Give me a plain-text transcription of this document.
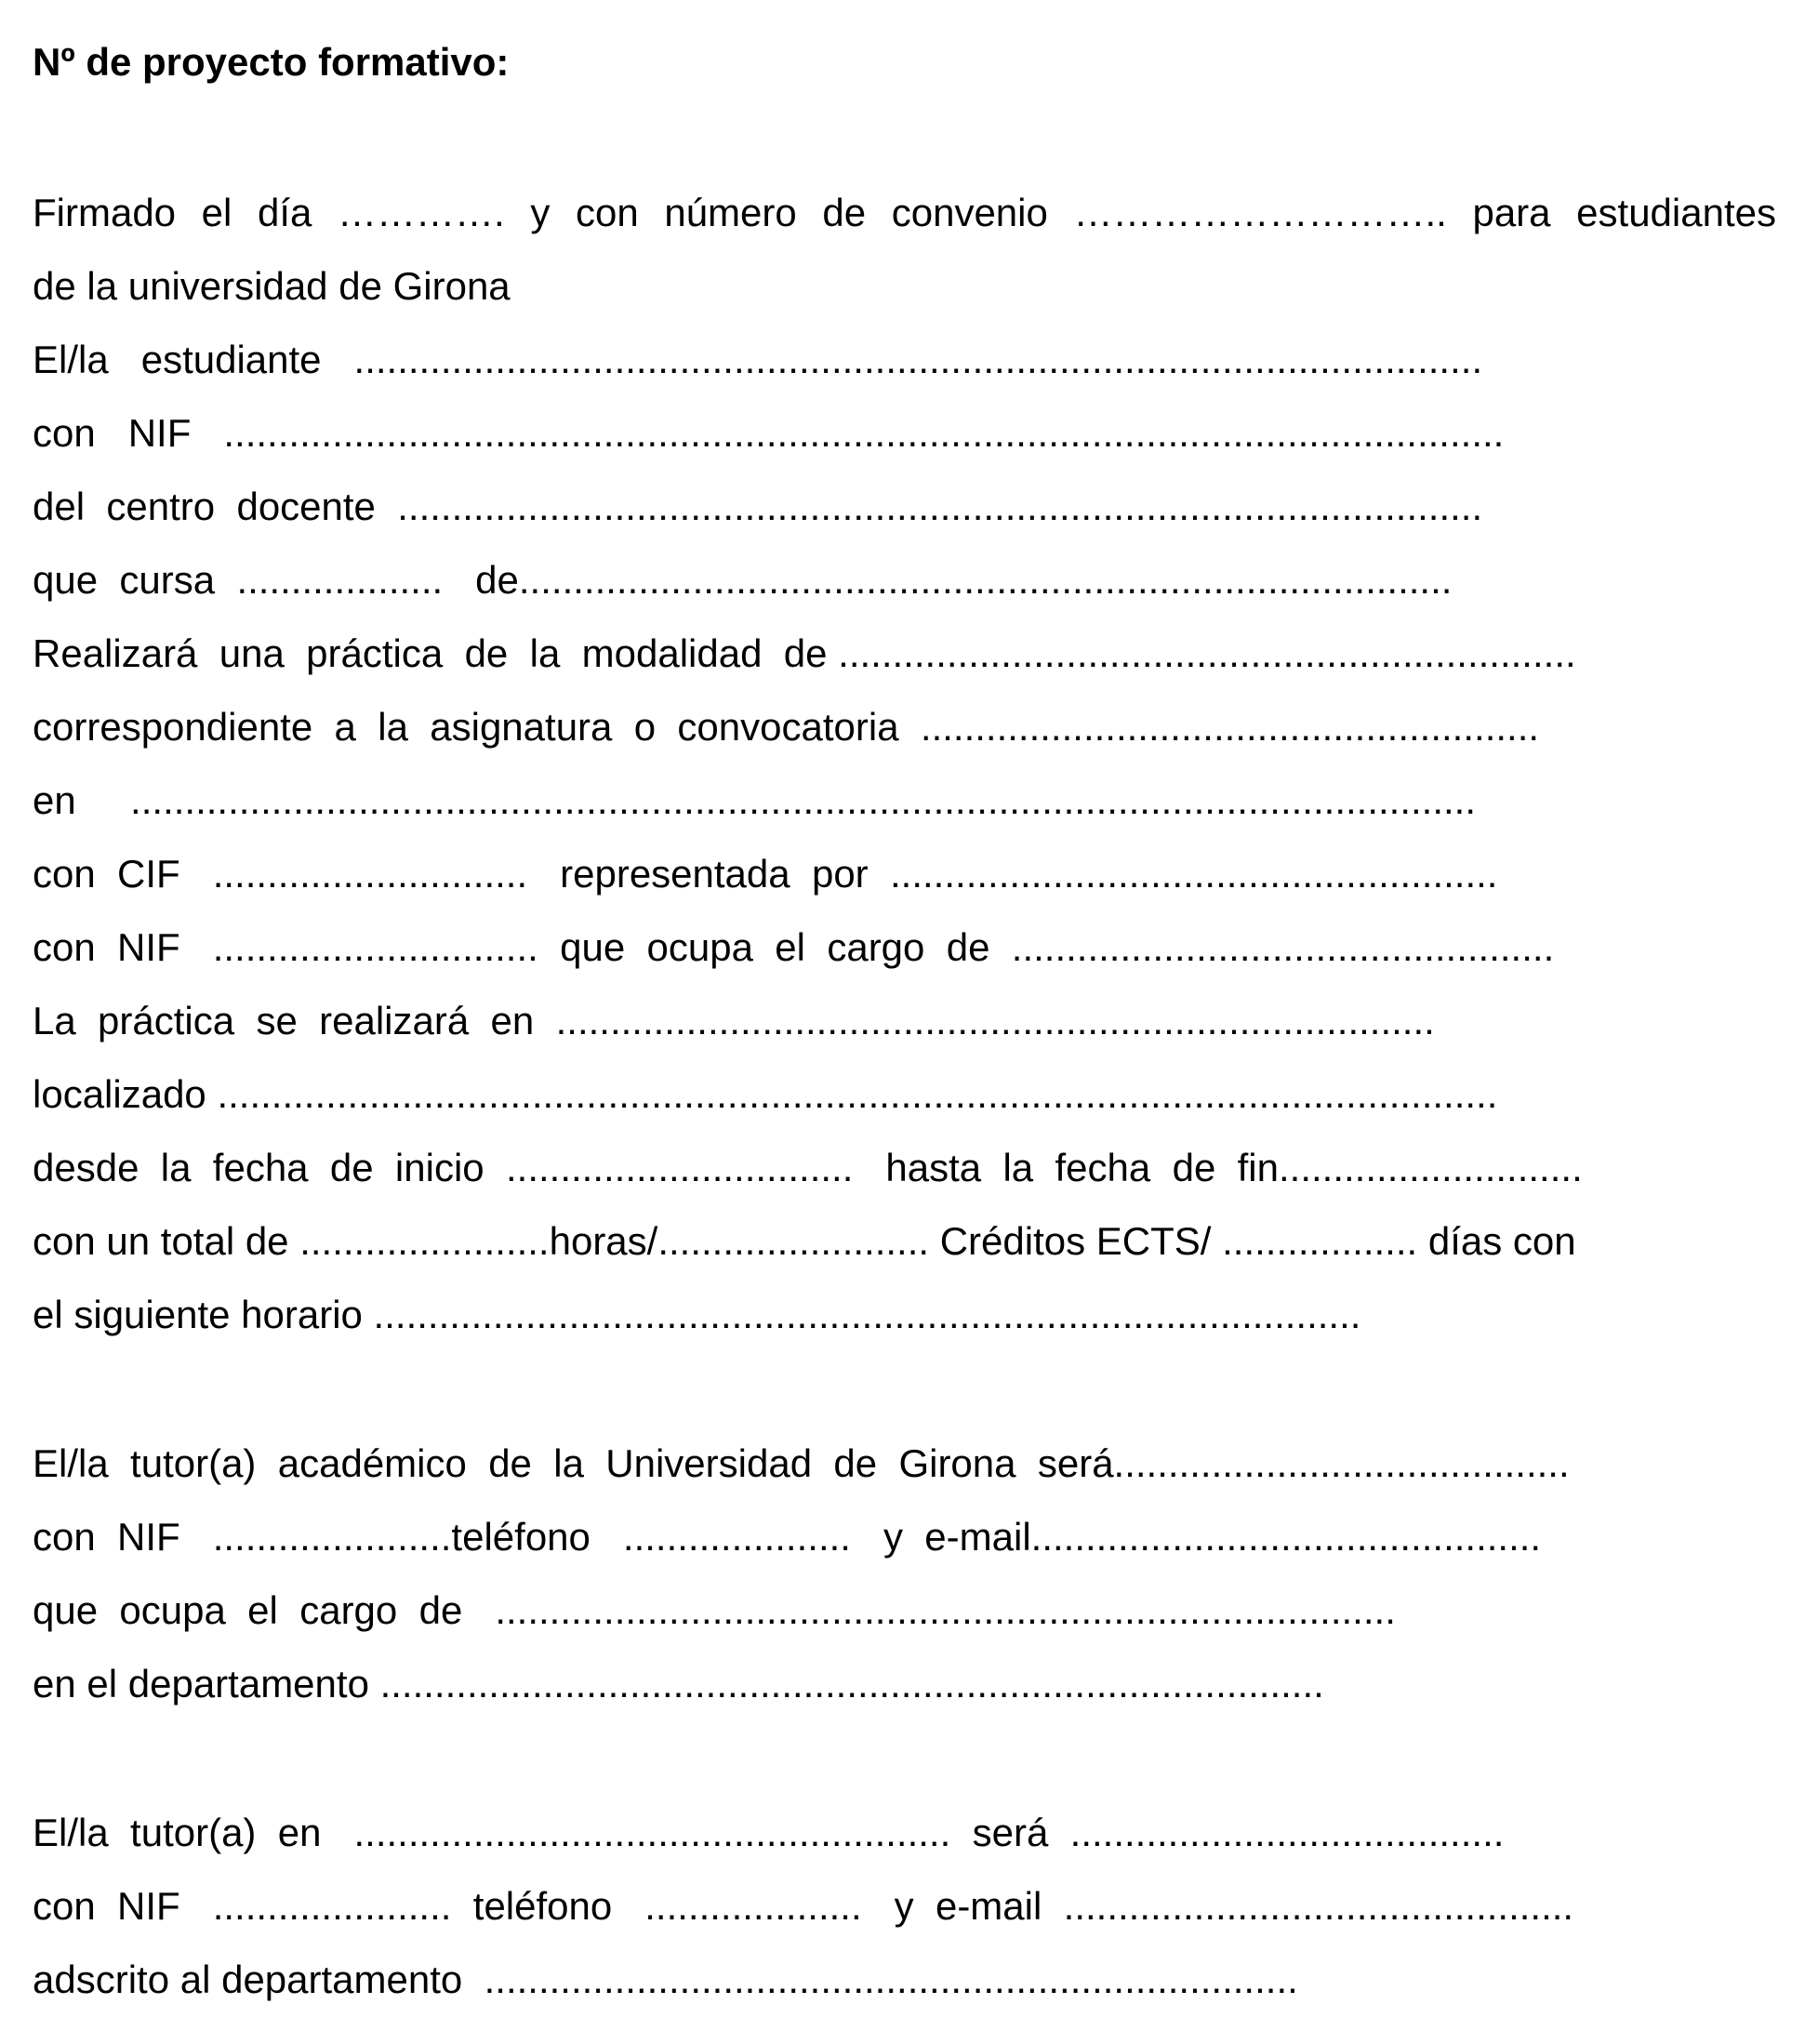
Nº de proyecto formativo:
Firmado el día …………. y con número de convenio ……………………….. para estudiantes
de la universidad de Girona
El/la   estudiante   ........................................................................................................
con   NIF   ......................................................................................................................
del  centro  docente  ....................................................................................................
que  cursa  ...................   de......................................................................................
Realizará  una  práctica  de  la  modalidad  de ....................................................................
correspondiente  a  la  asignatura  o  convocatoria  .........................................................
en     ............................................................................................................................
con  CIF   .............................   representada  por  ........................................................
con  NIF   ..............................  que  ocupa  el  cargo  de  ..................................................
La  práctica  se  realizará  en  .................................................................................
localizado ......................................................................................................................
desde  la  fecha  de  inicio  ................................   hasta  la  fecha  de  fin............................
con un total de .......................horas/......................... Créditos ECTS/ .................. días con
el siguiente horario ...........................................................................................
El/la  tutor(a)  académico  de  la  Universidad  de  Girona  será..........................................
con  NIF   ......................teléfono   .....................   y  e-mail...............................................
que  ocupa  el  cargo  de   ...................................................................................
en el departamento .......................................................................................
El/la  tutor(a)  en   .......................................................  será  ........................................
con  NIF   ......................  teléfono   ....................   y  e-mail  ...............................................
adscrito al departamento  ...........................................................................
